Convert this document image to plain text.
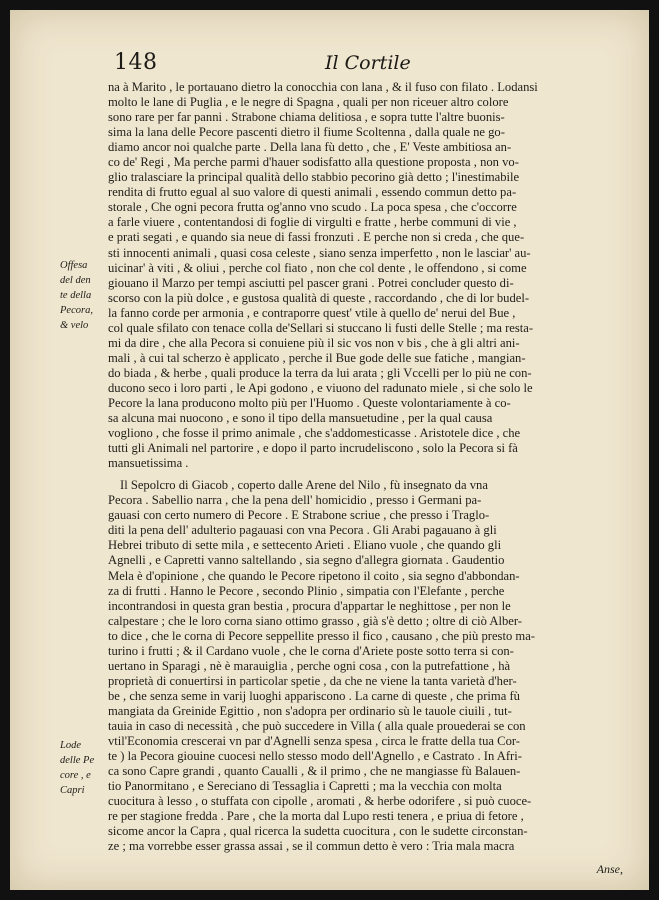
148	Il Cortile
Offesa
del den
te della
Pecora,
& velo
Lode
delle Pe
core , e
Capri
na à Marito , le portauano dietro la conocchia con lana , & il fuso con filato . Lodansi
molto le lane di Puglia , e le negre di Spagna , quali per non riceuer altro colore
sono rare per far panni . Strabone chiama delitiosa , e sopra tutte l'altre buonis-
sima la lana delle Pecore pascenti dietro il fiume Scoltenna , dalla quale ne go-
diamo ancor noi qualche parte . Della lana fù detto , che , E' Veste ambitiosa an-
co de' Regi , Ma perche parmi d'hauer sodisfatto alla questione proposta , non vo-
glio tralasciare la principal qualità dello stabbio pecorino già detto ; l'inestimabile
rendita di frutto egual al suo valore di questi animali , essendo commun detto pa-
storale , Che ogni pecora frutta og'anno vno scudo . La poca spesa , che c'occorre
a farle viuere , contentandosi di foglie di virgulti e fratte , herbe communi di vie ,
e prati segati , e quando sia neue di fassi fronzuti . E perche non si creda , che que-
sti innocenti animali , quasi cosa celeste , siano senza imperfetto , non le lasciar' au-
uicinar' à viti , & oliui , perche col fiato , non che col dente , le offendono , si come
giouano il Marzo per tempi asciutti pel pascer grani . Potrei concluder questo di-
scorso con la più dolce , e gustosa qualità di queste , raccordando , che di lor budel-
la fanno corde per armonia , e contraporre quest' vtile à quello de' nerui del Bue ,
col quale sfilato con tenace colla de'Sellari si stuccano li fusti delle Stelle ; ma resta-
mi da dire , che alla Pecora si conuiene più il sic vos non v bis , che à gli altri ani-
mali , à cui tal scherzo è applicato , perche il Bue gode delle sue fatiche , mangian-
do biada , & herbe , quali produce la terra da lui arata ; gli Vccelli per lo più ne con-
ducono seco i loro parti , le Api godono , e viuono del radunato miele , si che solo le
Pecore la lana producono molto più per l'Huomo . Queste volontariamente à co-
sa alcuna mai nuocono , e sono il tipo della mansuetudine , per la qual causa
vogliono , che fosse il primo animale , che s'addomesticasse . Aristotele dice , che
tutti gli Animali nel partorire , e dopo il parto incrudeliscono , solo la Pecora si fà
mansuetissima .
Il Sepolcro di Giacob , coperto dalle Arene del Nilo , fù insegnato da vna
Pecora . Sabellio narra , che la pena dell' homicidio , presso i Germani pa-
gauasi con certo numero di Pecore . E Strabone scriue , che presso i Traglo-
diti la pena dell' adulterio pagauasi con vna Pecora . Gli Arabi pagauano à gli
Hebrei tributo di sette mila , e settecento Arieti . Eliano vuole , che quando gli
Agnelli , e Capretti vanno saltellando , sia segno d'allegra giornata . Gaudentio
Mela è d'opinione , che quando le Pecore ripetono il coito , sia segno d'abbondan-
za di frutti . Hanno le Pecore , secondo Plinio , simpatia con l'Elefante , perche
incontrandosi in questa gran bestia , procura d'appartar le neghittose , per non le
calpestare ; che le loro corna siano ottimo grasso , già s'è detto ; oltre di ciò Alber-
to dice , che le corna di Pecore seppellite presso il fico , causano , che più presto ma-
turino i frutti ; & il Cardano vuole , che le corna d'Ariete poste sotto terra si con-
uertano in Sparagi , nè è marauiglia , perche ogni cosa , con la putrefattione , hà
proprietà di conuertirsi in particolar spetie , da che ne viene la tanta varietà d'her-
be , che senza seme in varij luoghi appariscono . La carne di queste , che prima fù
mangiata da Greinide Egittio , non s'adopra per ordinario sù le tauole ciuili , tut-
tauia in caso di necessità , che può succedere in Villa ( alla quale prouederai se con
vtil'Economia crescerai vn par d'Agnelli senza spesa , circa le fratte della tua Cor-
te ) la Pecora giouine cuocesi nello stesso modo dell'Agnello , e Castrato . In Afri-
ca sono Capre grandi , quanto Caualli , & il primo , che ne mangiasse fù Balauen-
tio Panormitano , e Sereciano di Tessaglia i Capretti ; ma la vecchia con molta
cuocitura à lesso , o stuffata con cipolle , aromati , & herbe odorifere , si può cuoce-
re per stagione fredda . Pare , che la morta dal Lupo resti tenera , e priua di fetore ,
sicome ancor la Capra , qual ricerca la sudetta cuocitura , con le sudette circonstan-
ze ; ma vorrebbe esser grassa assai , se il commun detto è vero : Tria mala macra
Anse,
